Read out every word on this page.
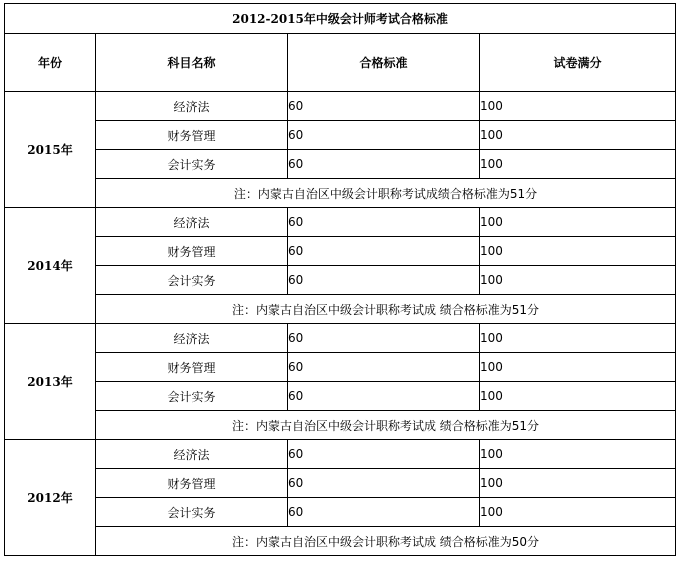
2012-2015年中级会计师考试合格标准			
年份	科目名称	合格标准	试卷满分
2015年	经济法	60	100
	财务管理	60	100
	会计实务	60	100
	注：内蒙古自治区中级会计职称考试成绩合格标准为51分		
2014年	经济法	60	100
	财务管理	60	100
	会计实务	60	100
	注：内蒙古自治区中级会计职称考试成 绩合格标准为51分		
2013年	经济法	60	100
	财务管理	60	100
	会计实务	60	100
	注：内蒙古自治区中级会计职称考试成 绩合格标准为51分		
2012年	经济法	60	100
	财务管理	60	100
	会计实务	60	100
	注：内蒙古自治区中级会计职称考试成 绩合格标准为50分		
